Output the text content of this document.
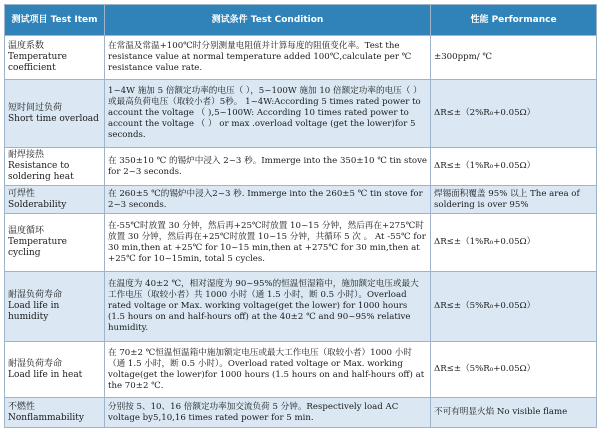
测试项目 Test Item	测试条件 Test Condition	性能 Performance

温度系数
Temperature coefficient	在常温及常温+100℃时分别测量电阻值并计算每度的阻值变化率。Test the resistance value at normal temperature added 100℃,calculate per ℃ resistance value rate.	±300ppm/ ℃

短时间过负荷
Short time overload	1~4W 施加 5 倍额定功率的电压（ ），5~100W 施加 10 倍额定功率的电压（ ）或最高负荷电压（取较小者）5秒。 1~4W:According 5 times rated power to account the voltage （ ),5~100W: According 10 times rated power to account the voltage （ ） or max .overload voltage (get the lower)for 5 seconds.	ΔR≤±（2%R₀+0.05Ω）

耐焊接热
Resistance to soldering heat	在 350±10 ℃ 的锡炉中浸入 2~3 秒。Immerge into the 350±10 ℃ tin stove for 2~3 seconds.	ΔR≤±（1%R₀+0.05Ω）

可焊性
Solderability	在 260±5 ℃的锡炉中浸入2~3 秒. Immerge into the 260±5 ℃ tin stove for 2~3 seconds.	焊锡面积覆盖 95% 以上 The area of soldering is over 95%

温度循环
Temperature cycling	在-55℃时放置 30 分钟，然后再+25℃时放置 10~15 分钟，然后再在+275℃时放置 30 分钟，然后再在+25℃时放置 10~15 分钟，共循环 5 次 。 At -55℃ for 30 min,then at +25℃ for 10~15 min,then at +275℃ for 30 min,then at +25℃ for 10~15min, total 5 cycles.	ΔR≤±（1%R₀+0.05Ω）

耐湿负荷寿命
Load life in humidity	在温度为 40±2 ℃，相对湿度为 90~95%的恒温恒湿箱中，施加额定电压或最大工作电压（取较小者）共 1000 小时（通 1.5 小时，断 0.5 小时）。Overload rated voltage or Max. working voltage(get the lower) for 1000 hours (1.5 hours on and half-hours off) at the 40±2 ℃ and 90~95% relative humidity.	ΔR≤±（5%R₀+0.05Ω）

耐湿负荷寿命
Load life in heat	在 70±2 ℃恒温恒温箱中施加额定电压或最大工作电压（取较小者）1000 小时（通 1.5 小时，断 0.5 小时）。Overload rated voltage or Max. working voltage(get the lower)for 1000 hours (1.5 hours on and half-hours off) at the 70±2 ℃.	ΔR≤±（5%R₀+0.05Ω）

不燃性
Nonflammability	分别按 5、10、16 倍额定功率加交流负荷 5 分钟。Respectively load AC voltage by5,10,16 times rated power for 5 min.	不可有明显火焰 No visible flame
